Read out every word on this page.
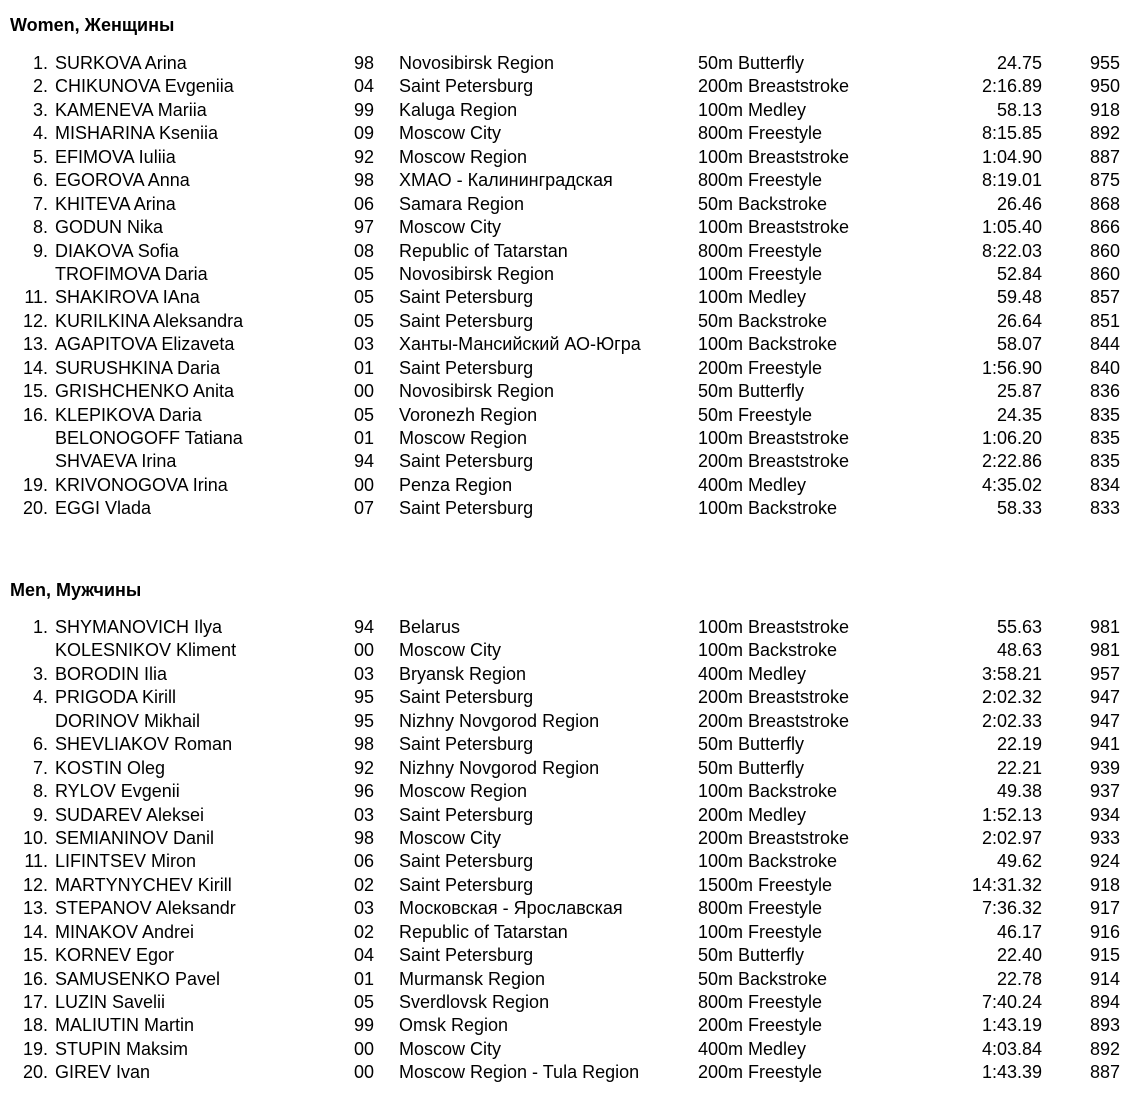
Women, Женщины
1. SURKOVA Arina	98 Novosibirsk Region	50m Butterfly	24.75	955
2. CHIKUNOVA Evgeniia	04 Saint Petersburg	200m Breaststroke	2:16.89	950
3. KAMENEVA Mariia	99 Kaluga Region	100m Medley	58.13	918
4. MISHARINA Kseniia	09 Moscow City	800m Freestyle	8:15.85	892
5. EFIMOVA Iuliia	92 Moscow Region	100m Breaststroke	1:04.90	887
6. EGOROVA Anna	98 ХМАО - Калининградская	800m Freestyle	8:19.01	875
7. KHITEVA Arina	06 Samara Region	50m Backstroke	26.46	868
8. GODUN Nika	97 Moscow City	100m Breaststroke	1:05.40	866
9. DIAKOVA Sofia	08 Republic of Tatarstan	800m Freestyle	8:22.03	860
TROFIMOVA Daria	05 Novosibirsk Region	100m Freestyle	52.84	860
11. SHAKIROVA IAna	05 Saint Petersburg	100m Medley	59.48	857
12. KURILKINA Aleksandra	05 Saint Petersburg	50m Backstroke	26.64	851
13. AGAPITOVA Elizaveta	03 Ханты-Мансийский АО-Югра	100m Backstroke	58.07	844
14. SURUSHKINA Daria	01 Saint Petersburg	200m Freestyle	1:56.90	840
15. GRISHCHENKO Anita	00 Novosibirsk Region	50m Butterfly	25.87	836
16. KLEPIKOVA Daria	05 Voronezh Region	50m Freestyle	24.35	835
BELONOGOFF Tatiana	01 Moscow Region	100m Breaststroke	1:06.20	835
SHVAEVA Irina	94 Saint Petersburg	200m Breaststroke	2:22.86	835
19. KRIVONOGOVA Irina	00 Penza Region	400m Medley	4:35.02	834
20. EGGI Vlada	07 Saint Petersburg	100m Backstroke	58.33	833
Men, Мужчины
1. SHYMANOVICH Ilya	94 Belarus	100m Breaststroke	55.63	981
KOLESNIKOV Kliment	00 Moscow City	100m Backstroke	48.63	981
3. BORODIN Ilia	03 Bryansk Region	400m Medley	3:58.21	957
4. PRIGODA Kirill	95 Saint Petersburg	200m Breaststroke	2:02.32	947
DORINOV Mikhail	95 Nizhny Novgorod Region	200m Breaststroke	2:02.33	947
6. SHEVLIAKOV Roman	98 Saint Petersburg	50m Butterfly	22.19	941
7. KOSTIN Oleg	92 Nizhny Novgorod Region	50m Butterfly	22.21	939
8. RYLOV Evgenii	96 Moscow Region	100m Backstroke	49.38	937
9. SUDAREV Aleksei	03 Saint Petersburg	200m Medley	1:52.13	934
10. SEMIANINOV Danil	98 Moscow City	200m Breaststroke	2:02.97	933
11. LIFINTSEV Miron	06 Saint Petersburg	100m Backstroke	49.62	924
12. MARTYNYCHEV Kirill	02 Saint Petersburg	1500m Freestyle	14:31.32	918
13. STEPANOV Aleksandr	03 Московская - Ярославская	800m Freestyle	7:36.32	917
14. MINAKOV Andrei	02 Republic of Tatarstan	100m Freestyle	46.17	916
15. KORNEV Egor	04 Saint Petersburg	50m Butterfly	22.40	915
16. SAMUSENKO Pavel	01 Murmansk Region	50m Backstroke	22.78	914
17. LUZIN Savelii	05 Sverdlovsk Region	800m Freestyle	7:40.24	894
18. MALIUTIN Martin	99 Omsk Region	200m Freestyle	1:43.19	893
19. STUPIN Maksim	00 Moscow City	400m Medley	4:03.84	892
20. GIREV Ivan	00 Moscow Region - Tula Region	200m Freestyle	1:43.39	887
